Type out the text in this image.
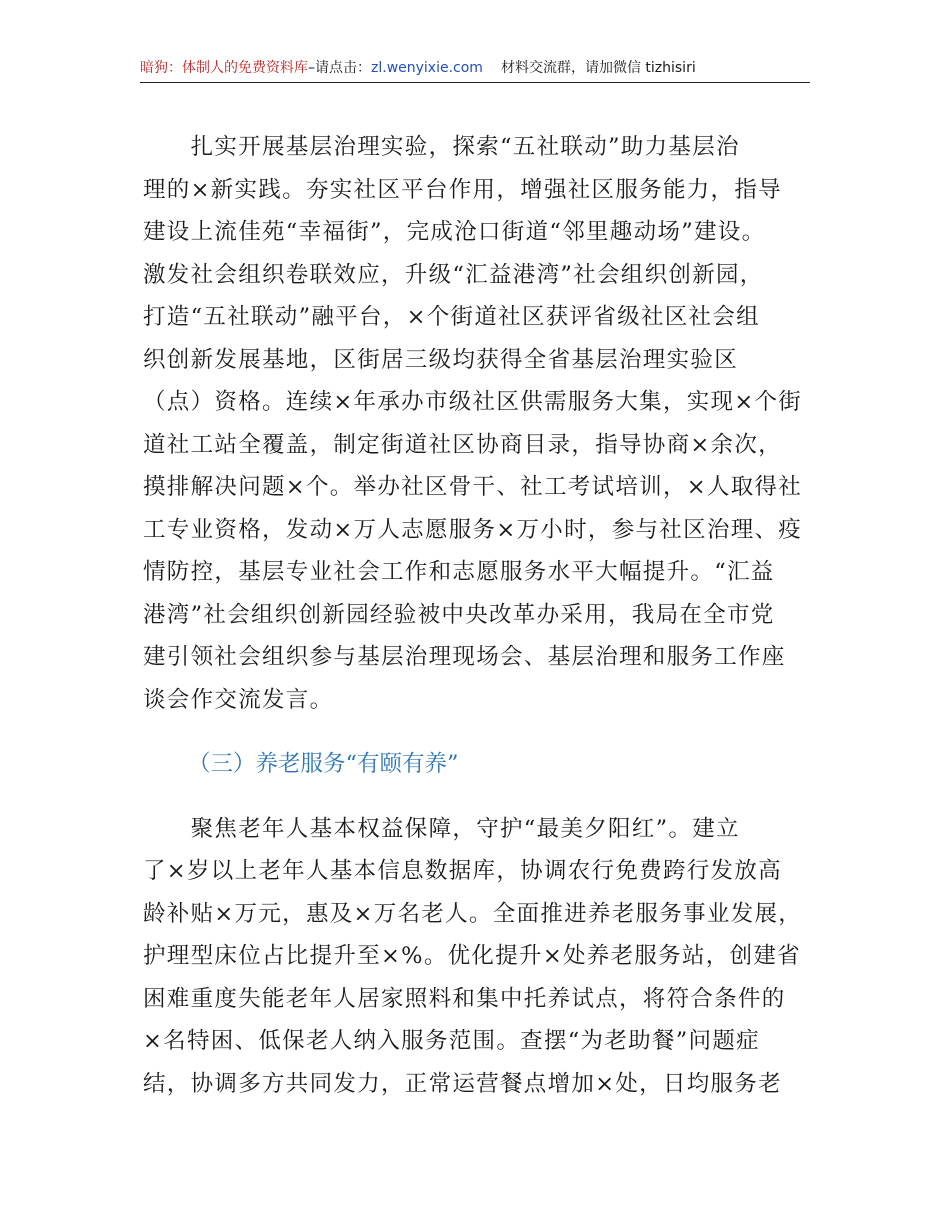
暗狗：体制人的免费资料库–请点击：zl.wenyixie.com 材料交流群，请加微信 tizhisiri
　　扎实开展基层治理实验，探索“五社联动”助力基层治
理的×新实践。夯实社区平台作用，增强社区服务能力，指导
建设上流佳苑“幸福街”，完成沧口街道“邻里趣动场”建设。
激发社会组织卷联效应，升级“汇益港湾”社会组织创新园，
打造“五社联动”融平台，×个街道社区获评省级社区社会组
织创新发展基地，区街居三级均获得全省基层治理实验区
（点）资格。连续×年承办市级社区供需服务大集，实现×个街
道社工站全覆盖，制定街道社区协商目录，指导协商×余次，
摸排解决问题×个。举办社区骨干、社工考试培训，×人取得社
工专业资格，发动×万人志愿服务×万小时，参与社区治理、疫
情防控，基层专业社会工作和志愿服务水平大幅提升。“汇益
港湾”社会组织创新园经验被中央改革办采用，我局在全市党
建引领社会组织参与基层治理现场会、基层治理和服务工作座
谈会作交流发言。
（三）养老服务“有颐有养”
　　聚焦老年人基本权益保障，守护“最美夕阳红”。建立
了×岁以上老年人基本信息数据库，协调农行免费跨行发放高
龄补贴×万元，惠及×万名老人。全面推进养老服务事业发展，
护理型床位占比提升至×%。优化提升×处养老服务站，创建省
困难重度失能老年人居家照料和集中托养试点，将符合条件的
×名特困、低保老人纳入服务范围。查摆“为老助餐”问题症
结，协调多方共同发力，正常运营餐点增加×处，日均服务老
